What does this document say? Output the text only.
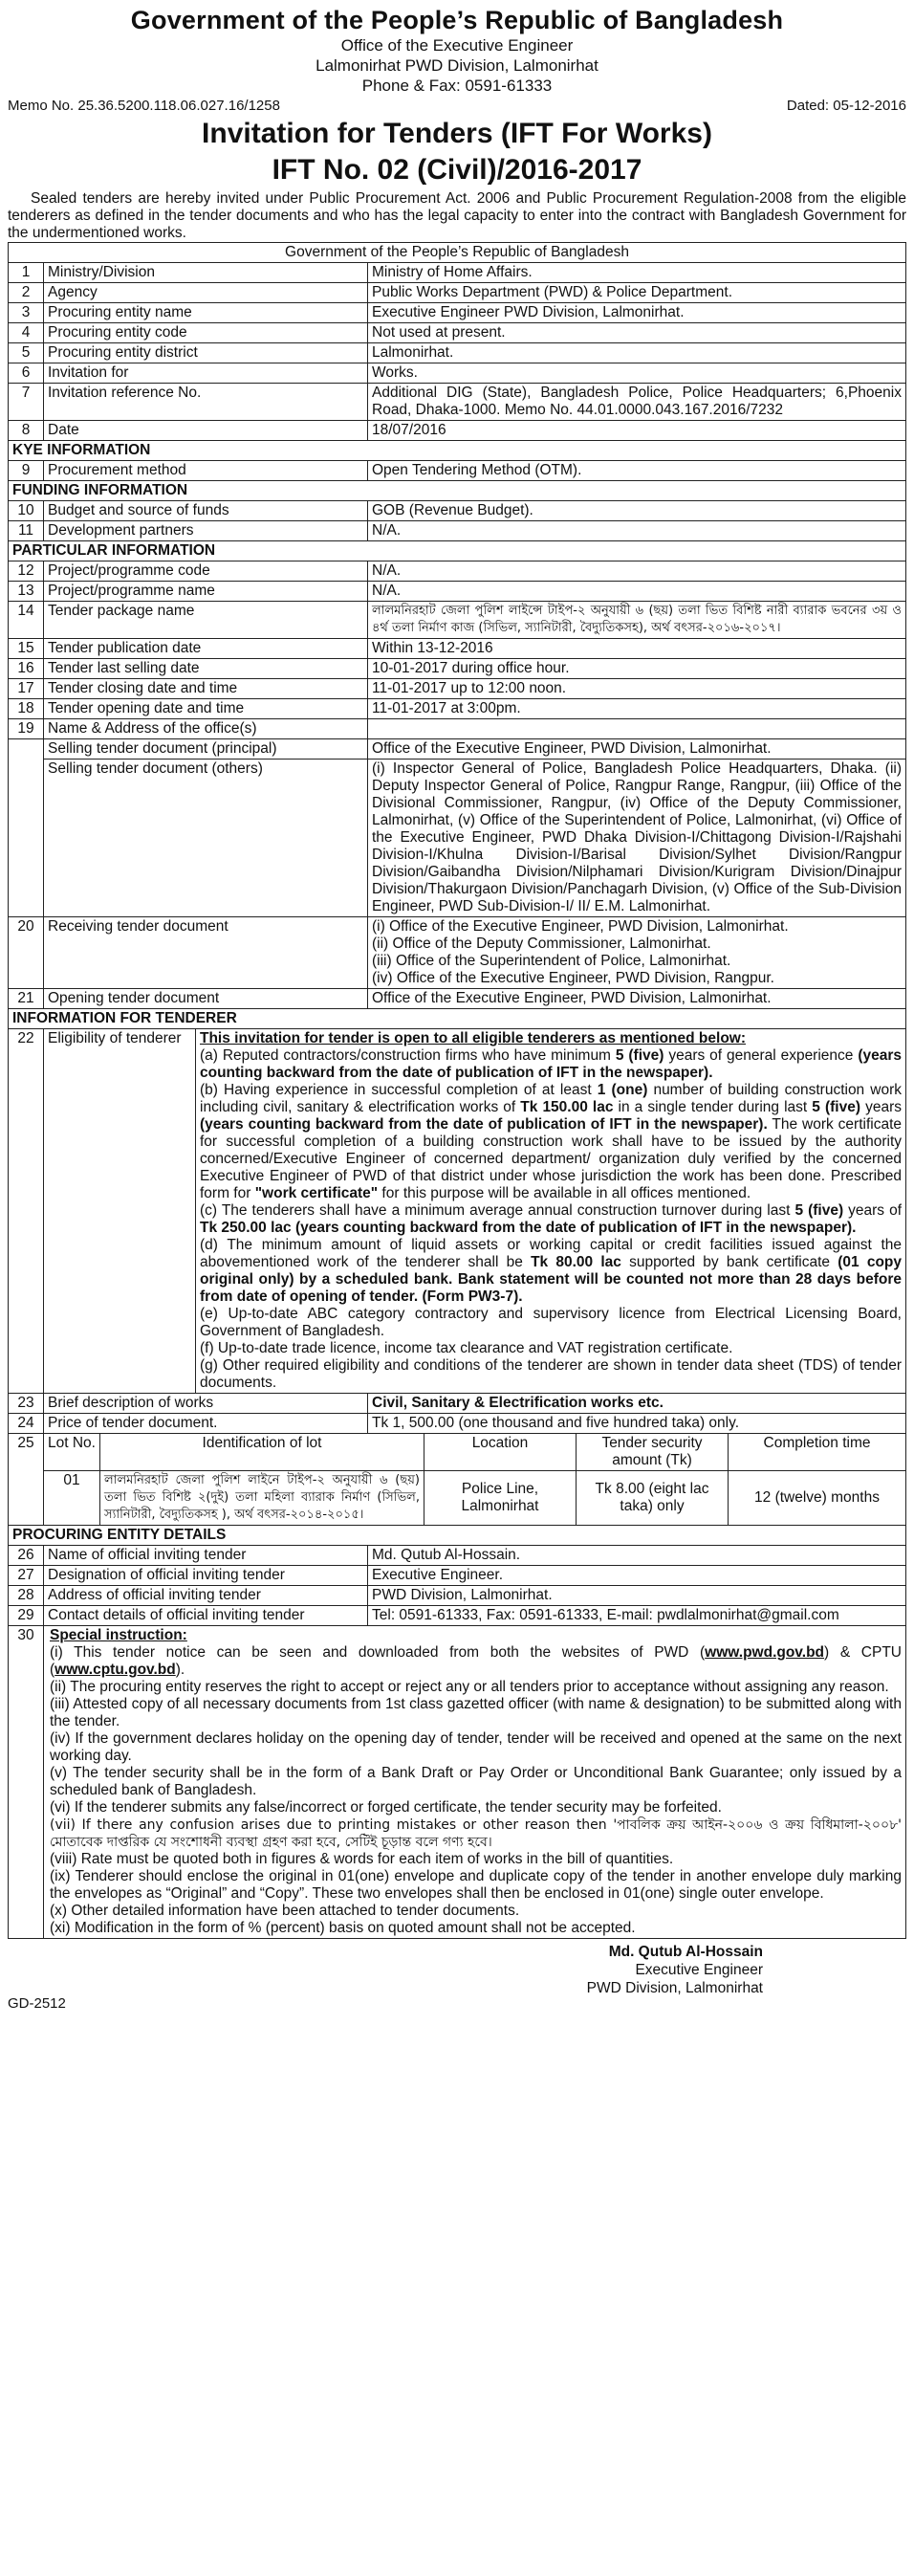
Government of the People’s Republic of Bangladesh
Office of the Executive Engineer
Lalmonirhat PWD Division, Lalmonirhat
Phone & Fax: 0591-61333
Memo No. 25.36.5200.118.06.027.16/1258	Dated: 05-12-2016
Invitation for Tenders (IFT For Works)
IFT No. 02 (Civil)/2016-2017
Sealed tenders are hereby invited under Public Procurement Act. 2006 and Public Procurement Regulation-2008 from the eligible tenderers as defined in the tender documents and who has the legal capacity to enter into the contract with Bangladesh Government for the undermentioned works.
Government of the People’s Republic of Bangladesh
1	Ministry/Division	Ministry of Home Affairs.
2	Agency	Public Works Department (PWD) & Police Department.
3	Procuring entity name	Executive Engineer PWD Division, Lalmonirhat.
4	Procuring entity code	Not used at present.
5	Procuring entity district	Lalmonirhat.
6	Invitation for	Works.
7	Invitation reference No.	Additional DIG (State), Bangladesh Police, Police Headquarters; 6,Phoenix Road, Dhaka-1000. Memo No. 44.01.0000.043.167.2016/7232
8	Date	18/07/2016
KYE INFORMATION
9	Procurement method	Open Tendering Method (OTM).
FUNDING INFORMATION
10	Budget and source of funds	GOB (Revenue Budget).
11	Development partners	N/A.
PARTICULAR INFORMATION
12	Project/programme code	N/A.
13	Project/programme name	N/A.
14	Tender package name	লালমনিরহাট জেলা পুলিশ লাইন্সে টাইপ-২ অনুযায়ী ৬ (ছয়) তলা ভিত বিশিষ্ট নারী ব্যারাক ভবনের ৩য় ও ৪র্থ তলা নির্মাণ কাজ (সিভিল, স্যানিটারী, বৈদ্যুতিকসহ), অর্থ বৎসর-২০১৬-২০১৭।
15	Tender publication date	Within 13-12-2016
16	Tender last selling date	10-01-2017 during office hour.
17	Tender closing date and time	11-01-2017 up to 12:00 noon.
18	Tender opening date and time	11-01-2017 at 3:00pm.
19	Name & Address of the office(s)	
	Selling tender document (principal)	Office of the Executive Engineer, PWD Division, Lalmonirhat.
	Selling tender document (others)	(i) Inspector General of Police, Bangladesh Police Headquarters, Dhaka. (ii) Deputy Inspector General of Police, Rangpur Range, Rangpur, (iii) Office of the Divisional Commissioner, Rangpur, (iv) Office of the Deputy Commissioner, Lalmonirhat, (v) Office of the Superintendent of Police, Lalmonirhat, (vi) Office of the Executive Engineer, PWD Dhaka Division-I/Chittagong Division-I/Rajshahi Division-I/Khulna Division-I/Barisal Division/Sylhet Division/Rangpur Division/Gaibandha Division/Nilphamari Division/Kurigram Division/Dinajpur Division/Thakurgaon Division/Panchagarh Division, (v) Office of the Sub-Division Engineer, PWD Sub-Division-I/ II/ E.M. Lalmonirhat.
20	Receiving tender document	(i) Office of the Executive Engineer, PWD Division, Lalmonirhat.
(ii) Office of the Deputy Commissioner, Lalmonirhat.
(iii) Office of the Superintendent of Police, Lalmonirhat.
(iv) Office of the Executive Engineer, PWD Division, Rangpur.

21	Opening tender document	Office of the Executive Engineer, PWD Division, Lalmonirhat.
INFORMATION FOR TENDERER
22	Eligibility of tenderer	This invitation for tender is open to all eligible tenderers as mentioned below:
(a) Reputed contractors/construction firms who have minimum 5 (five) years of general experience (years counting backward from the date of publication of IFT in the newspaper).
(b) Having experience in successful completion of at least 1 (one) number of building construction work including civil, sanitary & electrification works of Tk 150.00 lac in a single tender during last 5 (five) years (years counting backward from the date of publication of IFT in the newspaper). The work certificate for successful completion of a building construction work shall have to be issued by the authority concerned/Executive Engineer of concerned department/ organization duly verified by the concerned Executive Engineer of PWD of that district under whose jurisdiction the work has been done. Prescribed form for "work certificate" for this purpose will be available in all offices mentioned.
(c) The tenderers shall have a minimum average annual construction turnover during last 5 (five) years of Tk 250.00 lac (years counting backward from the date of publication of IFT in the newspaper).
(d) The minimum amount of liquid assets or working capital or credit facilities issued against the abovementioned work of the tenderer shall be Tk 80.00 lac supported by bank certificate (01 copy original only) by a scheduled bank. Bank statement will be counted not more than 28 days before from date of opening of tender. (Form PW3-7).
(e) Up-to-date ABC category contractory and supervisory licence from Electrical Licensing Board, Government of Bangladesh.
(f) Up-to-date trade licence, income tax clearance and VAT registration certificate.
(g) Other required eligibility and conditions of the tenderer are shown in tender data sheet (TDS) of tender documents.

23	Brief description of works	Civil, Sanitary & Electrification works etc.
24	Price of tender document.	Tk 1, 500.00 (one thousand and five hundred taka) only.
25	Lot No.	Identification of lot	Location	Tender security amount (Tk)	Completion time
01	লালমনিরহাট জেলা পুলিশ লাইনে টাইপ-২ অনুযায়ী ৬ (ছয়) তলা ভিত বিশিষ্ট ২(দুই) তলা মহিলা ব্যারাক নির্মাণ (সিভিল, স্যানিটারী, বৈদ্যুতিকসহ ), অর্থ বৎসর-২০১৪-২০১৫।	Police Line, Lalmonirhat	Tk 8.00 (eight lac taka) only	12 (twelve) months

PROCURING ENTITY DETAILS
26	Name of official inviting tender	Md. Qutub Al-Hossain.
27	Designation of official inviting tender	Executive Engineer.
28	Address of official inviting tender	PWD Division, Lalmonirhat.
29	Contact details of official inviting tender	Tel: 0591-61333, Fax: 0591-61333, E-mail: pwdlalmonirhat@gmail.com
30	Special instruction:
(i) This tender notice can be seen and downloaded from both the websites of PWD (www.pwd.gov.bd) & CPTU (www.cptu.gov.bd).
(ii) The procuring entity reserves the right to accept or reject any or all tenders prior to acceptance without assigning any reason.
(iii) Attested copy of all necessary documents from 1st class gazetted officer (with name & designation) to be submitted along with the tender.
(iv) If the government declares holiday on the opening day of tender, tender will be received and opened at the same on the next working day.
(v) The tender security shall be in the form of a Bank Draft or Pay Order or Unconditional Bank Guarantee; only issued by a scheduled bank of Bangladesh.
(vi) If the tenderer submits any false/incorrect or forged certificate, the tender security may be forfeited.
(vii) If there any confusion arises due to printing mistakes or other reason then 'পাবলিক ক্রয় আইন-২০০৬ ও ক্রয় বিধিমালা-২০০৮' মোতাবেক দাপ্তরিক যে সংশোধনী ব্যবস্থা গ্রহণ করা হবে, সেটিই চূড়ান্ত বলে গণ্য হবে।
(viii) Rate must be quoted both in figures & words for each item of works in the bill of quantities.
(ix) Tenderer should enclose the original in 01(one) envelope and duplicate copy of the tender in another envelope duly marking the envelopes as “Original” and “Copy”. These two envelopes shall then be enclosed in 01(one) single outer envelope.
(x) Other detailed information have been attached to tender documents.
(xi) Modification in the form of % (percent) basis on quoted amount shall not be accepted.
Md. Qutub Al-Hossain
Executive Engineer
PWD Division, Lalmonirhat
GD-2512
